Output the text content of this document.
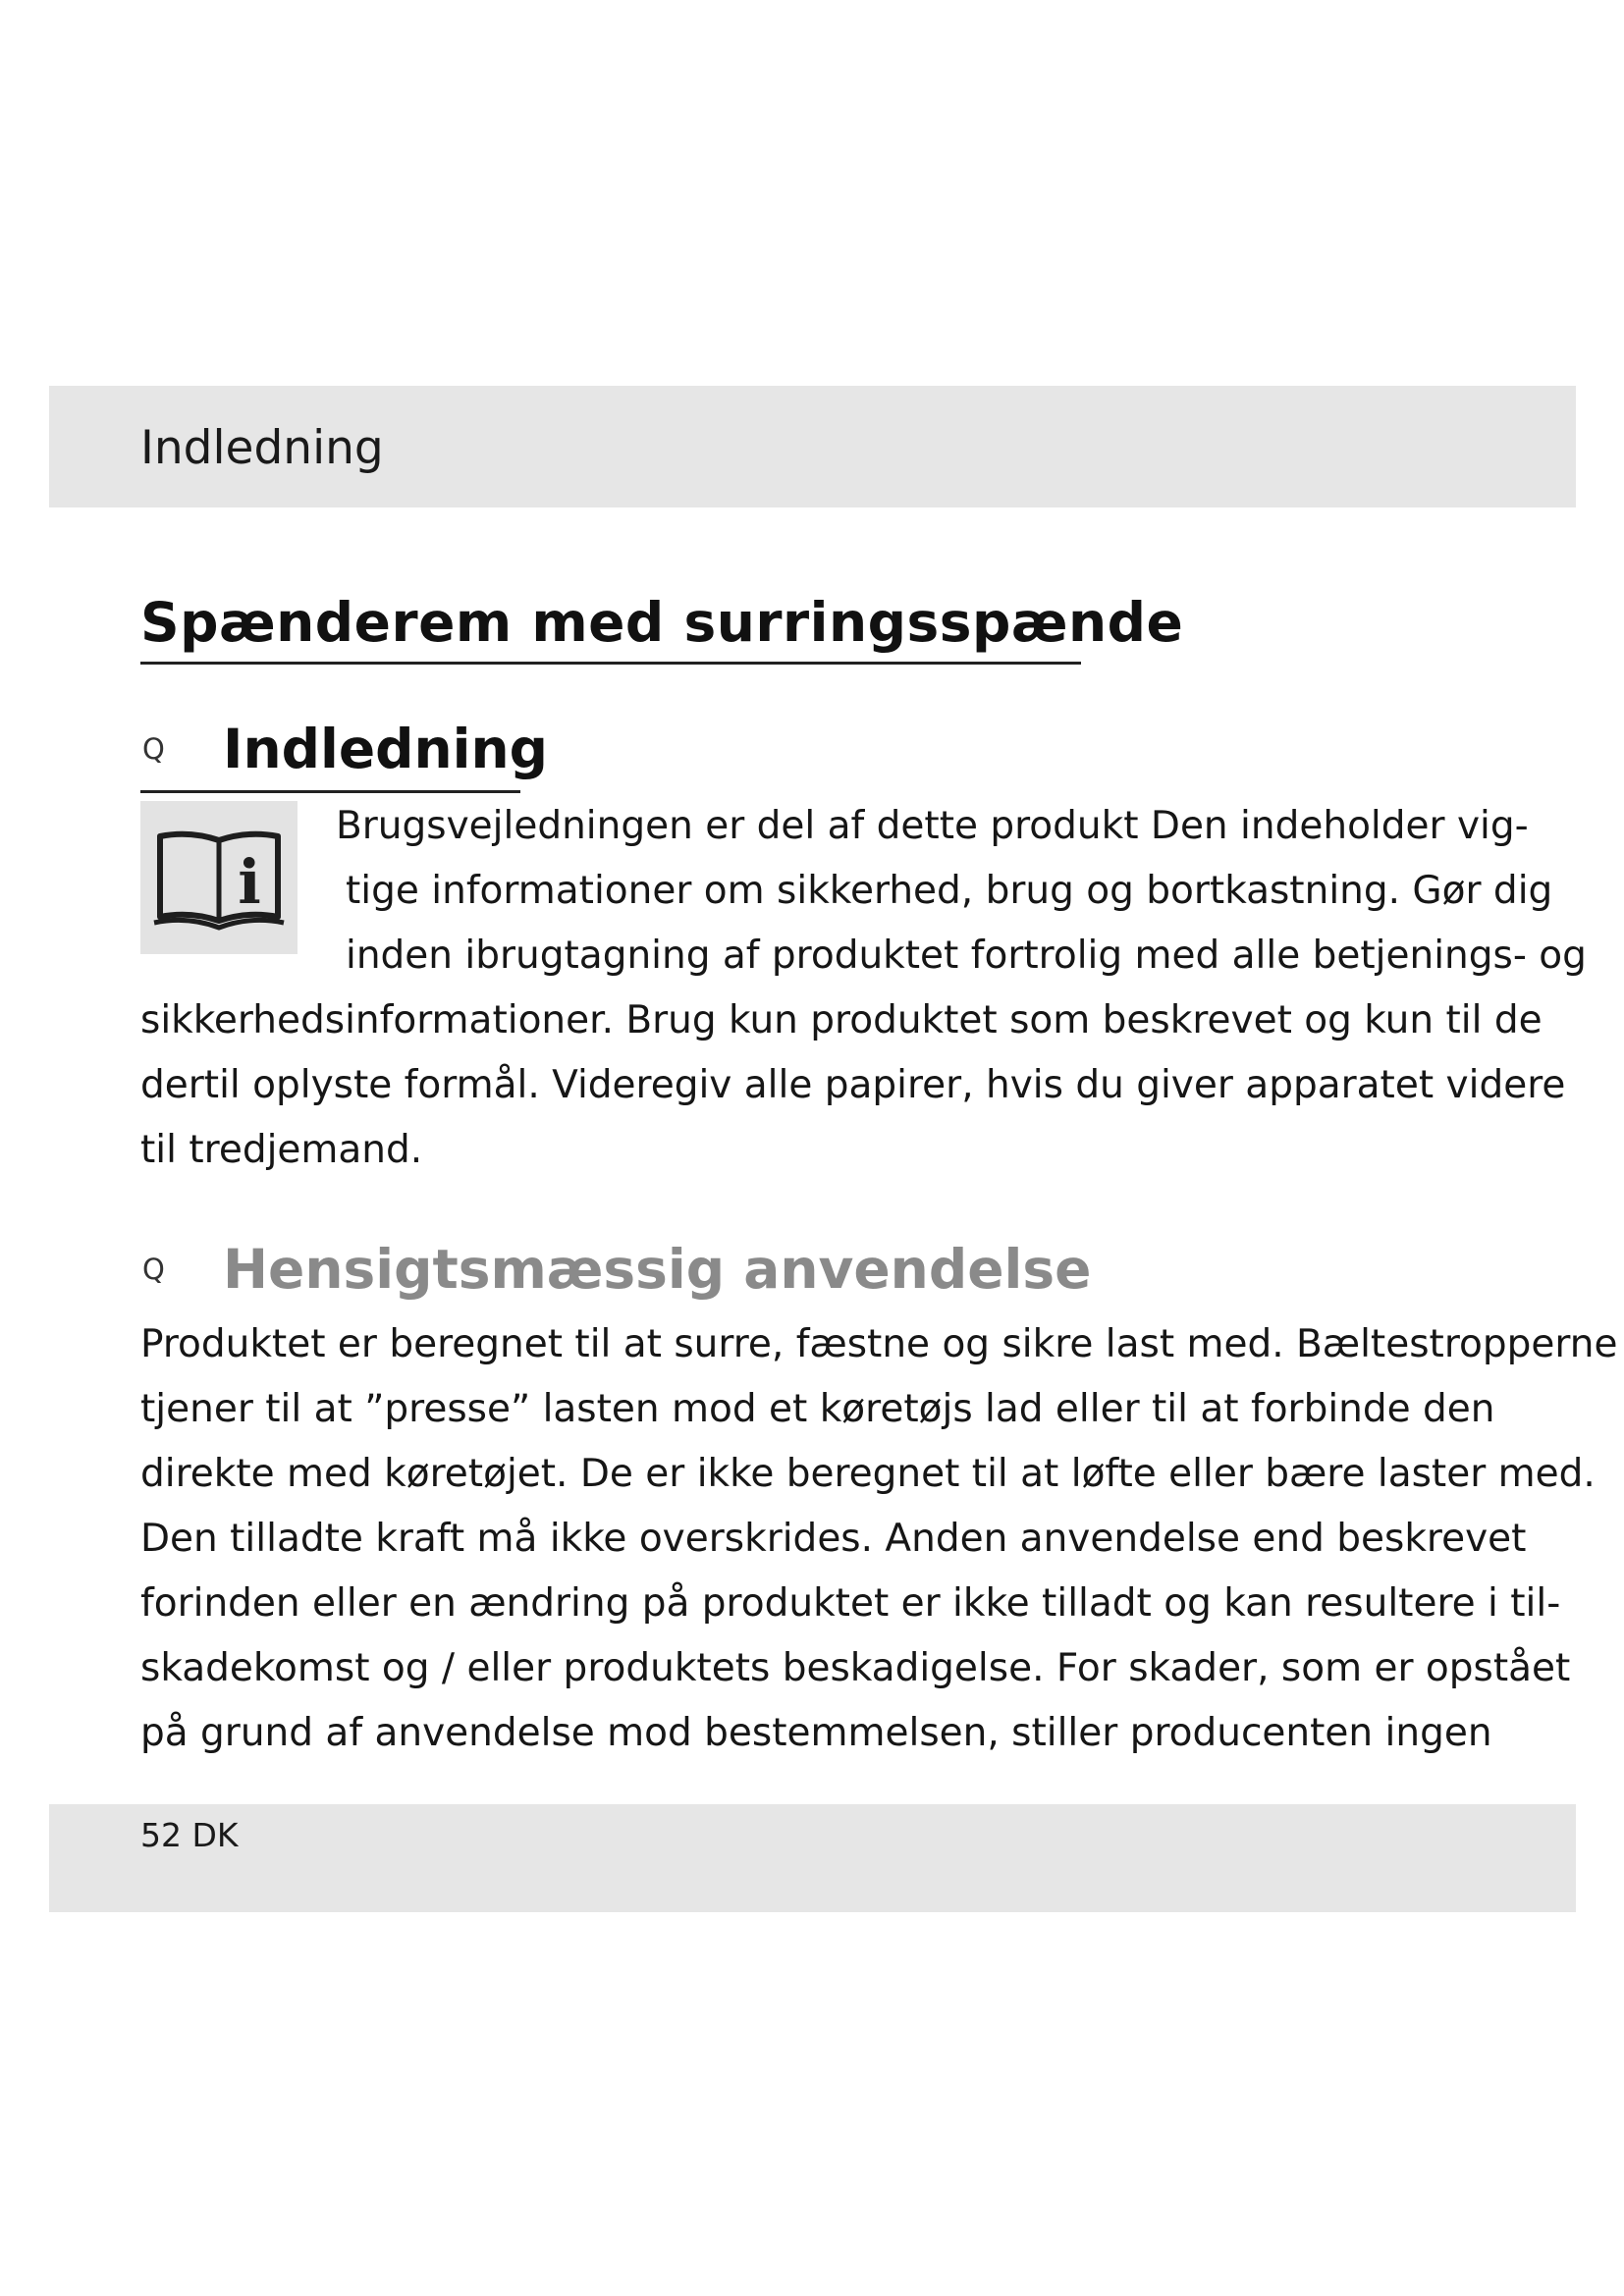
Indledning
Spænderem med surringsspænde
Q Indledning
i
Brugsvejledningen er del af dette produkt Den indeholder vig-
tige informationer om sikkerhed, brug og bortkastning. Gør dig
inden ibrugtagning af produktet fortrolig med alle betjenings- og
sikkerhedsinformationer. Brug kun produktet som beskrevet og kun til de
dertil oplyste formål. Videregiv alle papirer, hvis du giver apparatet videre
til tredjemand.
Q Hensigtsmæssig anvendelse
Produktet er beregnet til at surre, fæstne og sikre last med. Bæltestropperne
tjener til at ”presse” lasten mod et køretøjs lad eller til at forbinde den
direkte med køretøjet. De er ikke beregnet til at løfte eller bære laster med.
Den tilladte kraft må ikke overskrides. Anden anvendelse end beskrevet
forinden eller en ændring på produktet er ikke tilladt og kan resultere i til-
skadekomst og / eller produktets beskadigelse. For skader, som er opstået
på grund af anvendelse mod bestemmelsen, stiller producenten ingen
52 DK
